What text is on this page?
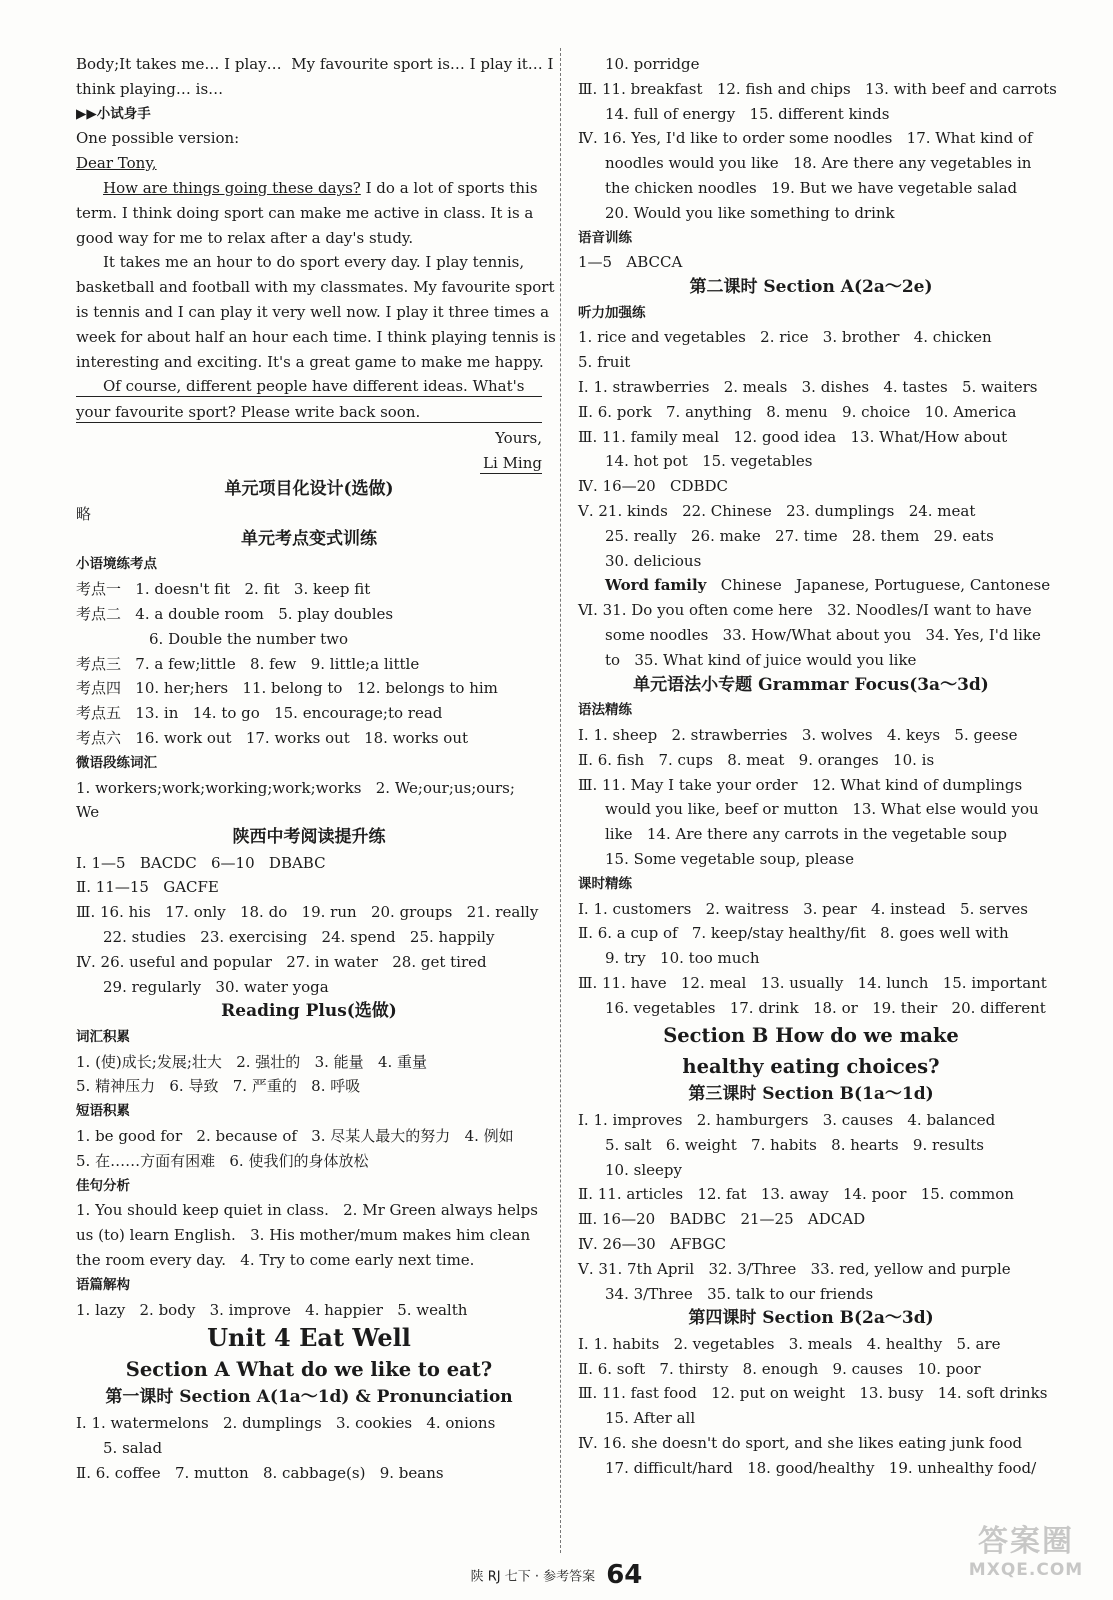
Body;It takes me… I play…  My favourite sport is… I play it… I
think playing… is…
▶▶小试身手
One possible version:
Dear Tony,
How are things going these days? I do a lot of sports this
term. I think doing sport can make me active in class. It is a
good way for me to relax after a day's study.
It takes me an hour to do sport every day. I play tennis,
basketball and football with my classmates. My favourite sport
is tennis and I can play it very well now. I play it three times a
week for about half an hour each time. I think playing tennis is
interesting and exciting. It's a great game to make me happy.
Of course, different people have different ideas. What's
your favourite sport? Please write back soon.
Yours,
Li Ming
单元项目化设计(选做)
略
单元考点变式训练
小语境练考点
考点一   1. doesn't fit   2. fit   3. keep fit
考点二   4. a double room   5. play doubles
6. Double the number two
考点三   7. a few;little   8. few   9. little;a little
考点四   10. her;hers   11. belong to   12. belongs to him
考点五   13. in   14. to go   15. encourage;to read
考点六   16. work out   17. works out   18. works out
微语段练词汇
1. workers;work;working;work;works   2. We;our;us;ours;
We
陕西中考阅读提升练
Ⅰ. 1—5   BACDC   6—10   DBABC
Ⅱ. 11—15   GACFE
Ⅲ. 16. his   17. only   18. do   19. run   20. groups   21. really
22. studies   23. exercising   24. spend   25. happily
Ⅳ. 26. useful and popular   27. in water   28. get tired
29. regularly   30. water yoga
Reading Plus(选做)
词汇积累
1. (使)成长;发展;壮大   2. 强壮的   3. 能量   4. 重量
5. 精神压力   6. 导致   7. 严重的   8. 呼吸
短语积累
1. be good for   2. because of   3. 尽某人最大的努力   4. 例如
5. 在……方面有困难   6. 使我们的身体放松
佳句分析
1. You should keep quiet in class.   2. Mr Green always helps
us (to) learn English.   3. His mother/mum makes him clean
the room every day.   4. Try to come early next time.
语篇解构
1. lazy   2. body   3. improve   4. happier   5. wealth
Unit 4 Eat Well
Section A What do we like to eat?
第一课时 Section A(1a～1d) & Pronunciation
Ⅰ. 1. watermelons   2. dumplings   3. cookies   4. onions
5. salad
Ⅱ. 6. coffee   7. mutton   8. cabbage(s)   9. beans
10. porridge
Ⅲ. 11. breakfast   12. fish and chips   13. with beef and carrots
14. full of energy   15. different kinds
Ⅳ. 16. Yes, I'd like to order some noodles   17. What kind of
noodles would you like   18. Are there any vegetables in
the chicken noodles   19. But we have vegetable salad
20. Would you like something to drink
语音训练
1—5   ABCCA
第二课时 Section A(2a～2e)
听力加强练
1. rice and vegetables   2. rice   3. brother   4. chicken
5. fruit
Ⅰ. 1. strawberries   2. meals   3. dishes   4. tastes   5. waiters
Ⅱ. 6. pork   7. anything   8. menu   9. choice   10. America
Ⅲ. 11. family meal   12. good idea   13. What/How about
14. hot pot   15. vegetables
Ⅳ. 16—20   CDBDC
Ⅴ. 21. kinds   22. Chinese   23. dumplings   24. meat
25. really   26. make   27. time   28. them   29. eats
30. delicious
Word family   Chinese   Japanese, Portuguese, Cantonese
Ⅵ. 31. Do you often come here   32. Noodles/I want to have
some noodles   33. How/What about you   34. Yes, I'd like
to   35. What kind of juice would you like
单元语法小专题 Grammar Focus(3a～3d)
语法精练
Ⅰ. 1. sheep   2. strawberries   3. wolves   4. keys   5. geese
Ⅱ. 6. fish   7. cups   8. meat   9. oranges   10. is
Ⅲ. 11. May I take your order   12. What kind of dumplings
would you like, beef or mutton   13. What else would you
like   14. Are there any carrots in the vegetable soup
15. Some vegetable soup, please
课时精练
Ⅰ. 1. customers   2. waitress   3. pear   4. instead   5. serves
Ⅱ. 6. a cup of   7. keep/stay healthy/fit   8. goes well with
9. try   10. too much
Ⅲ. 11. have   12. meal   13. usually   14. lunch   15. important
16. vegetables   17. drink   18. or   19. their   20. different
Section B How do we make
healthy eating choices?
第三课时 Section B(1a～1d)
Ⅰ. 1. improves   2. hamburgers   3. causes   4. balanced
5. salt   6. weight   7. habits   8. hearts   9. results
10. sleepy
Ⅱ. 11. articles   12. fat   13. away   14. poor   15. common
Ⅲ. 16—20   BADBC   21—25   ADCAD
Ⅳ. 26—30   AFBGC
Ⅴ. 31. 7th April   32. 3/Three   33. red, yellow and purple
34. 3/Three   35. talk to our friends
第四课时 Section B(2a～3d)
Ⅰ. 1. habits   2. vegetables   3. meals   4. healthy   5. are
Ⅱ. 6. soft   7. thirsty   8. enough   9. causes   10. poor
Ⅲ. 11. fast food   12. put on weight   13. busy   14. soft drinks
15. After all
Ⅳ. 16. she doesn't do sport, and she likes eating junk food
17. difficult/hard   18. good/healthy   19. unhealthy food/
陕 RJ 七下 · 参考答案 64
答案圈
MXQE.COM
